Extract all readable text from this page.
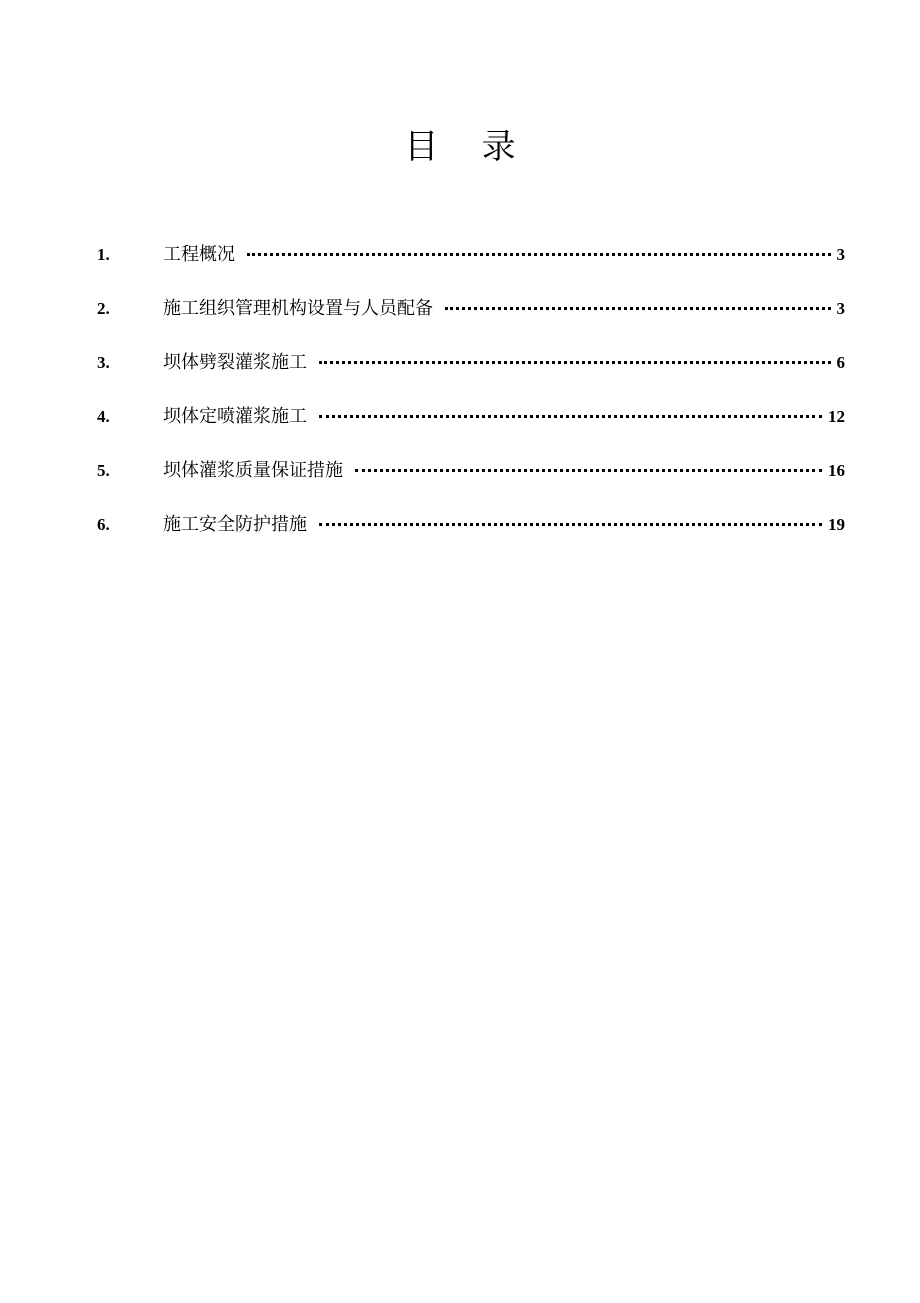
目    录
1.	工程概况	3
2.	施工组织管理机构设置与人员配备	3
3.	坝体劈裂灌浆施工	6
4.	坝体定喷灌浆施工	12
5.	坝体灌浆质量保证措施	16
6.	施工安全防护措施	19
